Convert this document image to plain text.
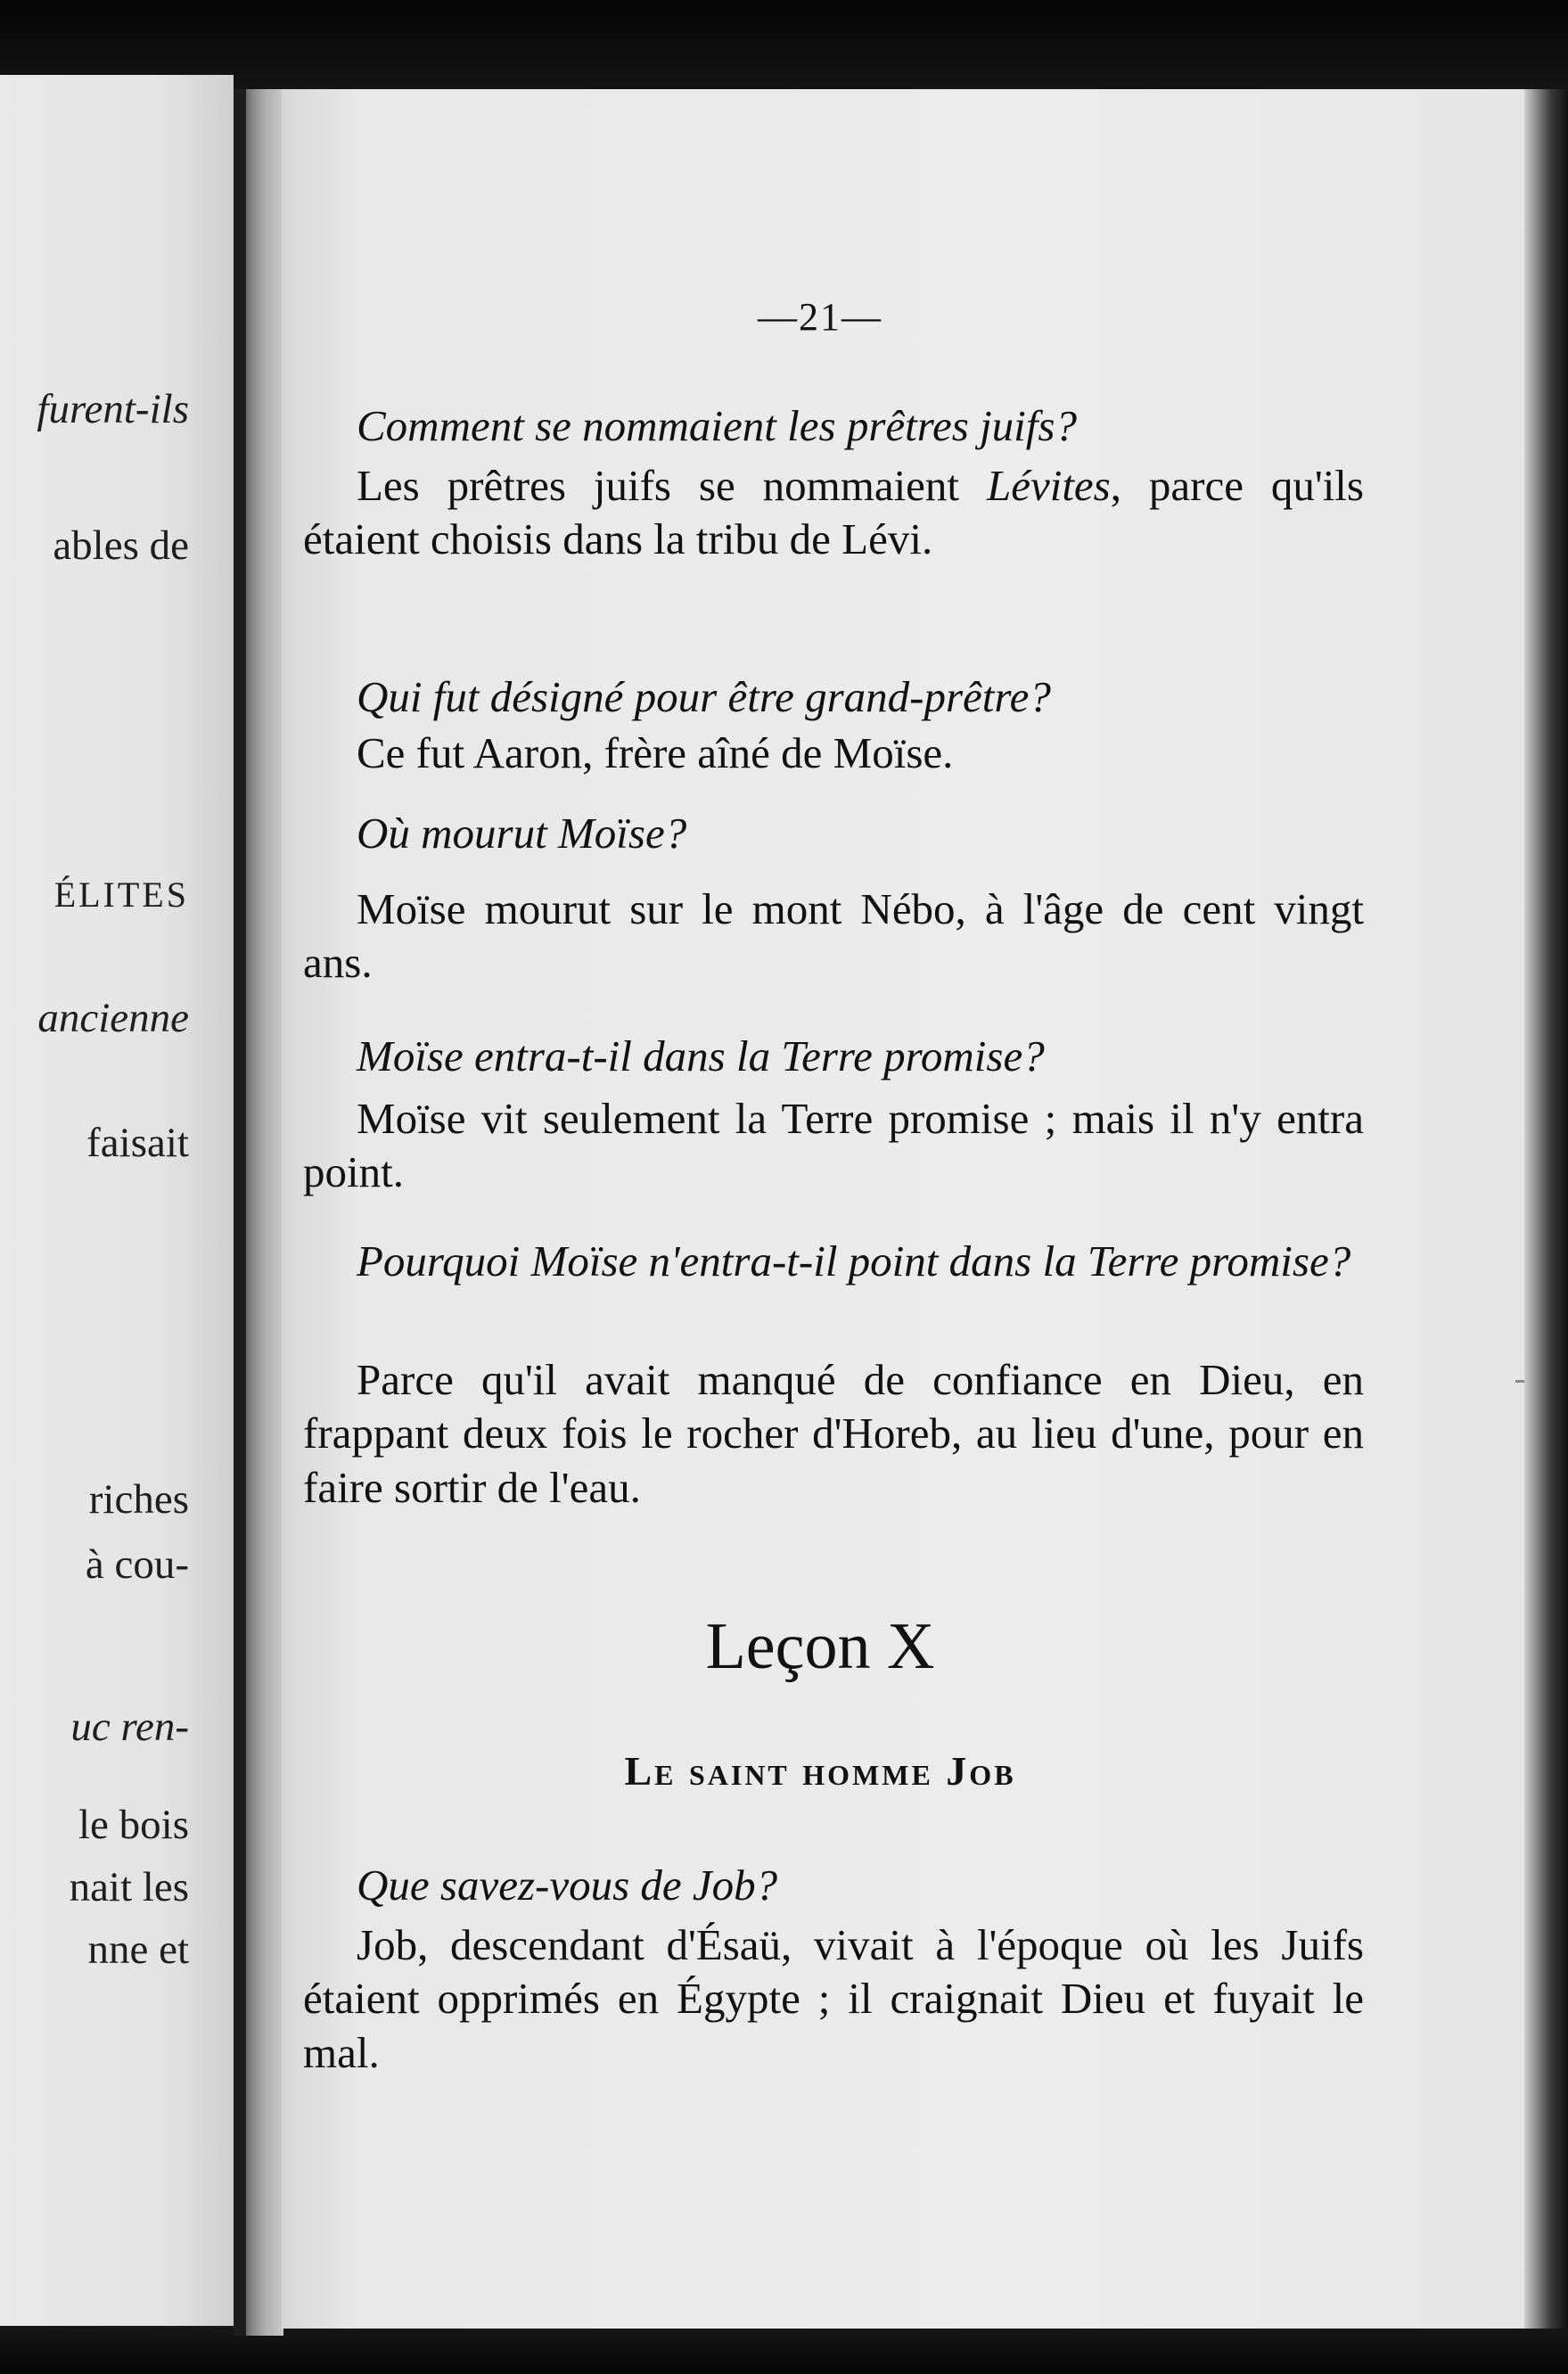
furent-ils
ables de
ÉLITES
ancienne
faisait
riches
à cou-
uc ren-
le bois
nait les
nne et
—21—

Comment se nommaient les prêtres juifs?

Les prêtres juifs se nommaient Lévites, parce qu'ils étaient choisis dans la tribu de Lévi.

Qui fut désigné pour être grand-prêtre?

Ce fut Aaron, frère aîné de Moïse.

Où mourut Moïse?

Moïse mourut sur le mont Nébo, à l'âge de cent vingt ans.

Moïse entra-t-il dans la Terre promise?

Moïse vit seulement la Terre promise ; mais il n'y entra point.

Pourquoi Moïse n'entra-t-il point dans la Terre promise?

Parce qu'il avait manqué de confiance en Dieu, en frappant deux fois le rocher d'Horeb, au lieu d'une, pour en faire sortir de l'eau.

Leçon X
Le saint homme Job

Que savez-vous de Job?

Job, descendant d'Ésaü, vivait à l'époque où les Juifs étaient opprimés en Égypte ; il craignait Dieu et fuyait le mal.
